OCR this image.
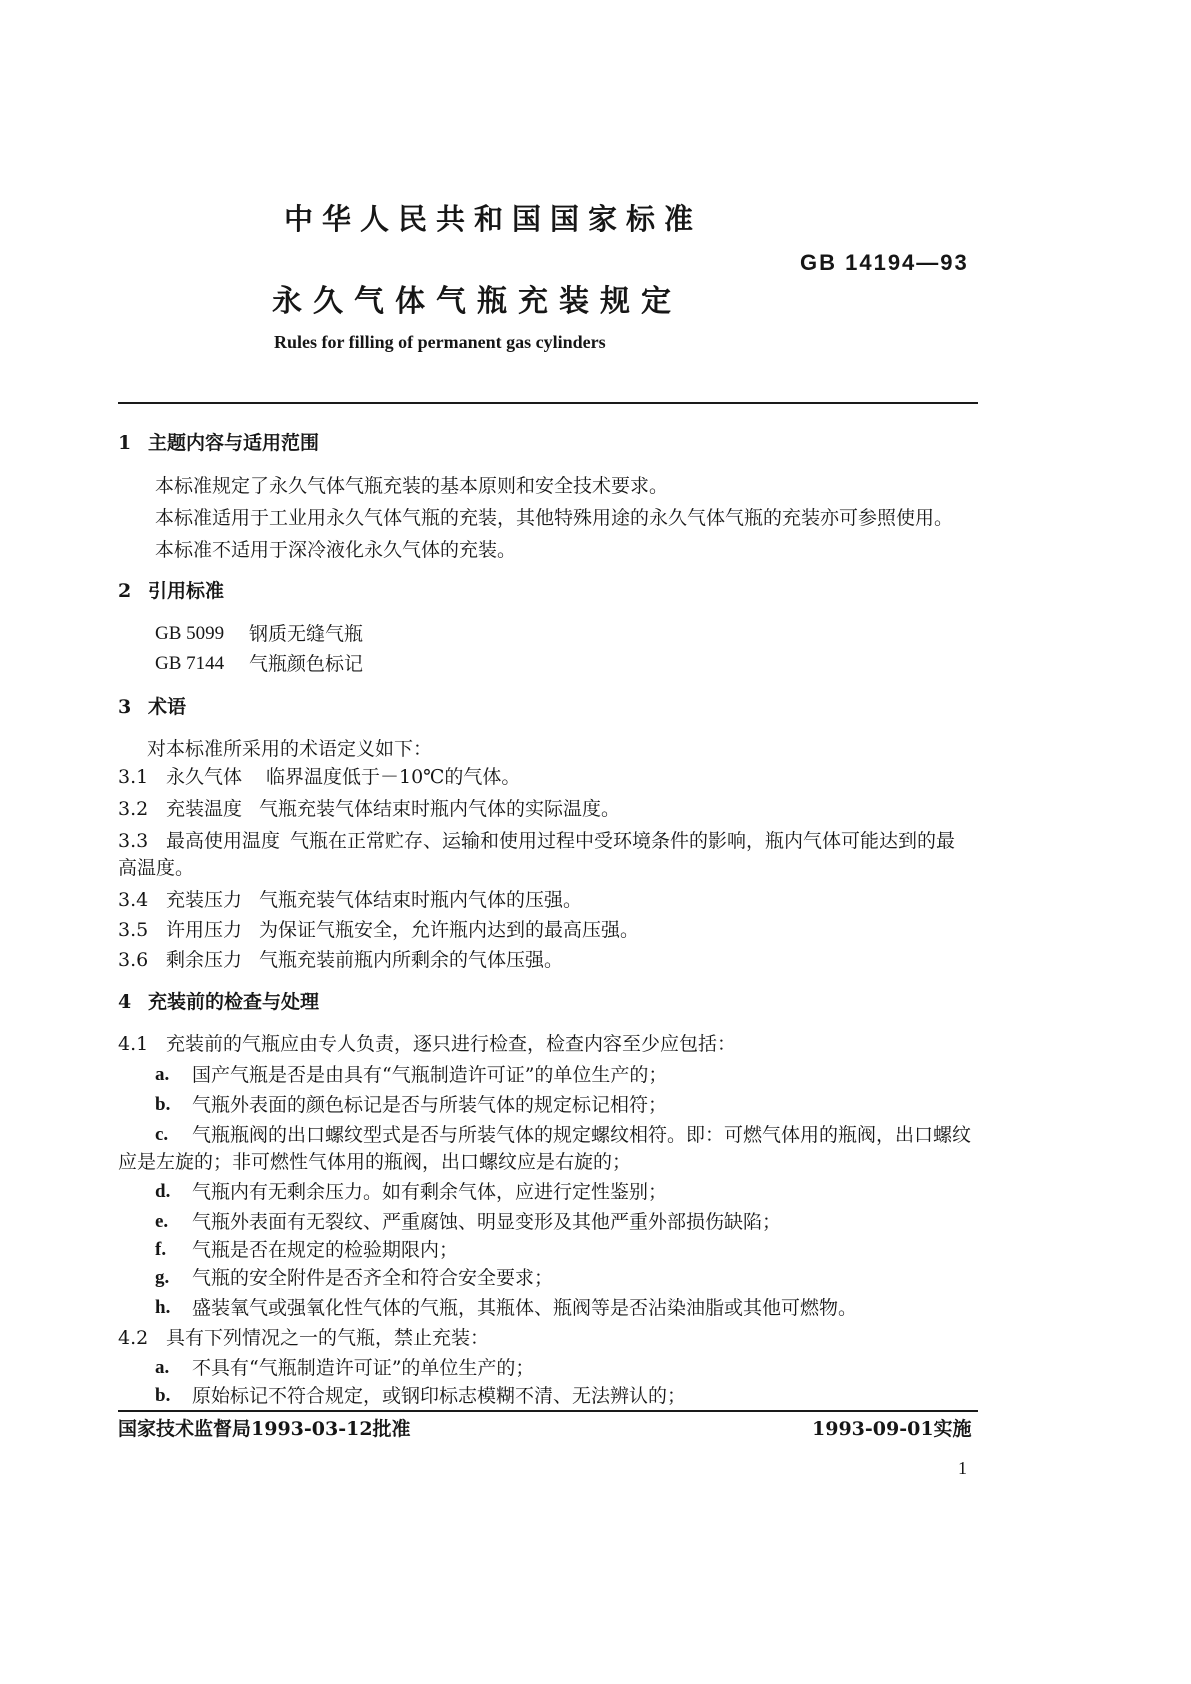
中华人民共和国国家标准
GB 14194—93
永久气体气瓶充装规定
Rules for filling of permanent gas cylinders
1 主题内容与适用范围
本标准规定了永久气体气瓶充装的基本原则和安全技术要求。
本标准适用于工业用永久气体气瓶的充装，其他特殊用途的永久气体气瓶的充装亦可参照使用。
本标准不适用于深冷液化永久气体的充装。
2 引用标准
GB 5099 钢质无缝气瓶
GB 7144 气瓶颜色标记
3 术语
对本标准所采用的术语定义如下：
3.1 永久气体 临界温度低于－10℃的气体。
3.2 充装温度 气瓶充装气体结束时瓶内气体的实际温度。
3.3 最高使用温度 气瓶在正常贮存、运输和使用过程中受环境条件的影响，瓶内气体可能达到的最
高温度。
3.4 充装压力 气瓶充装气体结束时瓶内气体的压强。
3.5 许用压力 为保证气瓶安全，允许瓶内达到的最高压强。
3.6 剩余压力 气瓶充装前瓶内所剩余的气体压强。
4 充装前的检查与处理
4.1 充装前的气瓶应由专人负责，逐只进行检查，检查内容至少应包括：
a. 国产气瓶是否是由具有“气瓶制造许可证”的单位生产的；
b. 气瓶外表面的颜色标记是否与所装气体的规定标记相符；
c. 气瓶瓶阀的出口螺纹型式是否与所装气体的规定螺纹相符。即：可燃气体用的瓶阀，出口螺纹
应是左旋的；非可燃性气体用的瓶阀，出口螺纹应是右旋的；
d. 气瓶内有无剩余压力。如有剩余气体，应进行定性鉴别；
e. 气瓶外表面有无裂纹、严重腐蚀、明显变形及其他严重外部损伤缺陷；
f. 气瓶是否在规定的检验期限内；
g. 气瓶的安全附件是否齐全和符合安全要求；
h. 盛装氧气或强氧化性气体的气瓶，其瓶体、瓶阀等是否沾染油脂或其他可燃物。
4.2 具有下列情况之一的气瓶，禁止充装：
a. 不具有“气瓶制造许可证”的单位生产的；
b. 原始标记不符合规定，或钢印标志模糊不清、无法辨认的；
国家技术监督局1993-03-12批准	1993-09-01实施
1
